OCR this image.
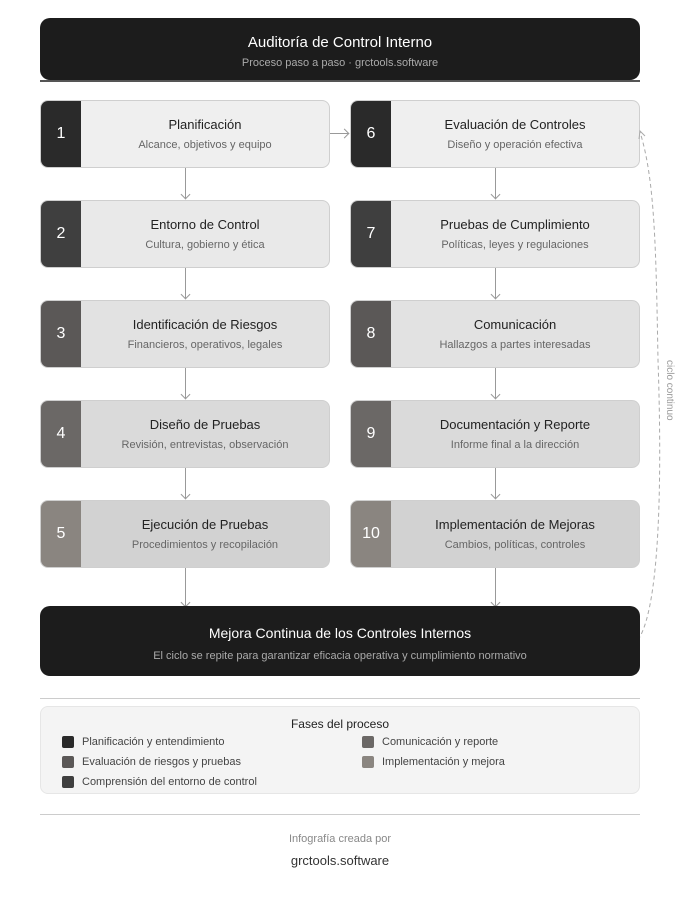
Auditoría de Control Interno
Proceso paso a paso · grctools.software
1
Planificación
Alcance, objetivos y equipo
2
Entorno de Control
Cultura, gobierno y ética
3
Identificación de Riesgos
Financieros, operativos, legales
4
Diseño de Pruebas
Revisión, entrevistas, observación
5
Ejecución de Pruebas
Procedimientos y recopilación
6
Evaluación de Controles
Diseño y operación efectiva
7
Pruebas de Cumplimiento
Políticas, leyes y regulaciones
8
Comunicación
Hallazgos a partes interesadas
9
Documentación y Reporte
Informe final a la dirección
10
Implementación de Mejoras
Cambios, políticas, controles
ciclo continuo
Mejora Continua de los Controles Internos
El ciclo se repite para garantizar eficacia operativa y cumplimiento normativo
Fases del proceso
Planificación y entendimiento
Evaluación de riesgos y pruebas
Comprensión del entorno de control
Comunicación y reporte
Implementación y mejora
Infografía creada por
grctools.software
